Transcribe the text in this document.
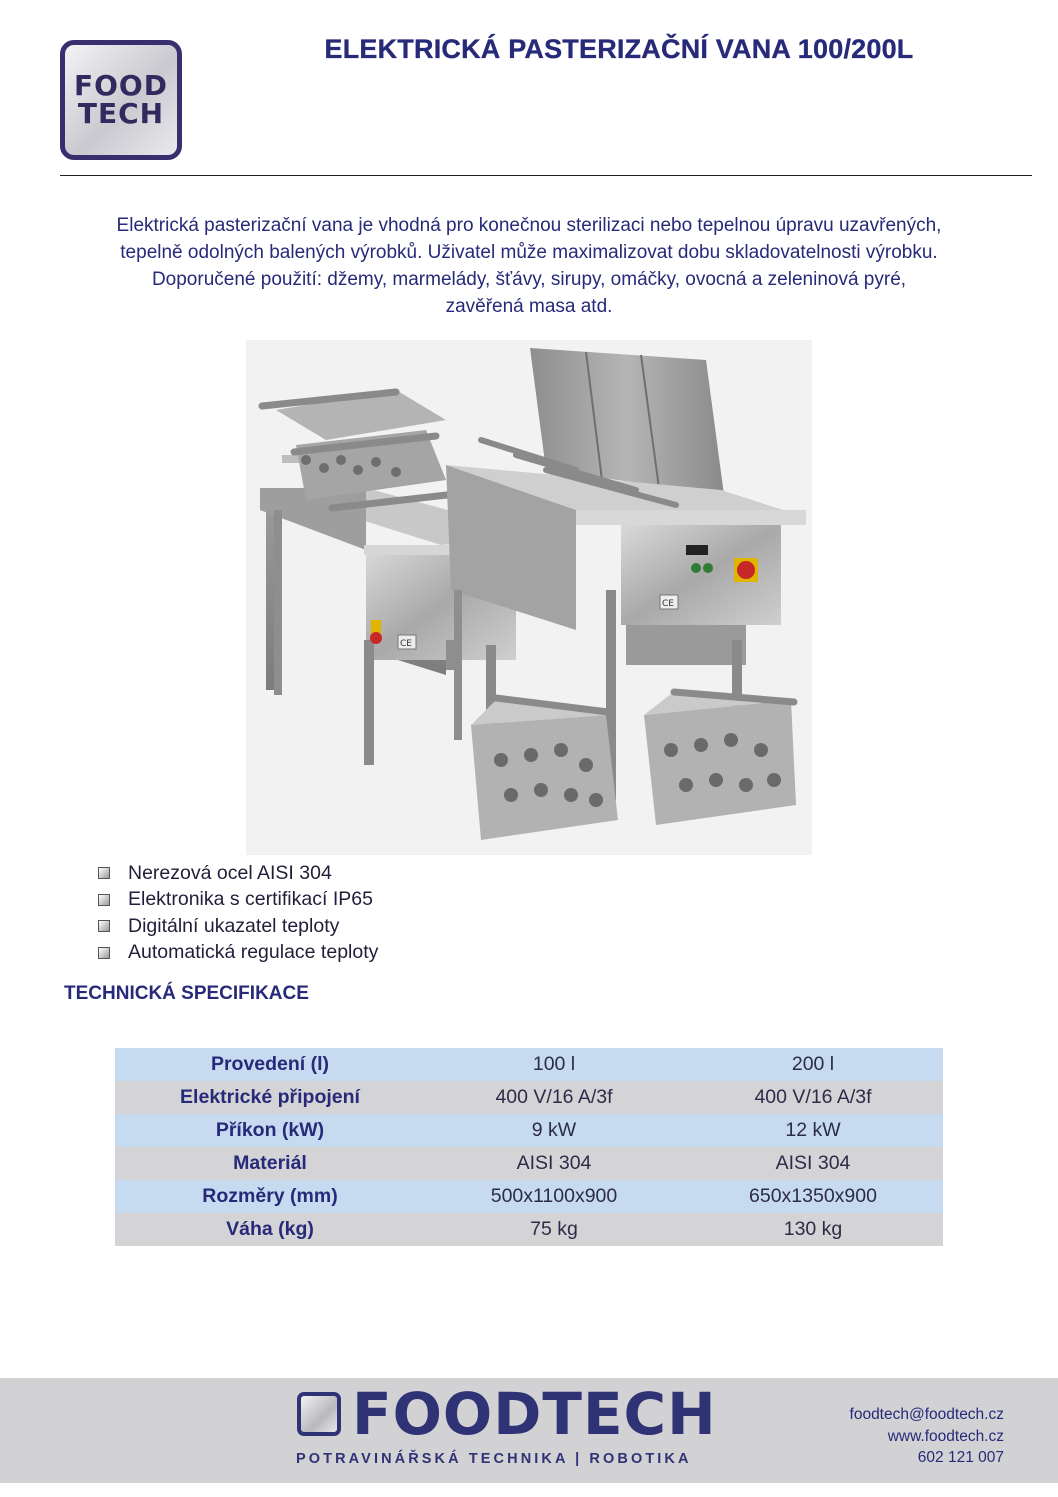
FOOD
TECH
ELEKTRICKÁ PASTERIZAČNÍ VANA 100/200L
Elektrická pasterizační vana je vhodná pro konečnou sterilizaci nebo tepelnou úpravu uzavřených,
tepelně odolných balených výrobků. Uživatel může maximalizovat dobu skladovatelnosti výrobku.
Doporučené použití: džemy, marmelády, šťávy, sirupy, omáčky, ovocná a zeleninová pyré,
zavěřená masa atd.
CE
CE
Nerezová ocel AISI 304
Elektronika s certifikací IP65
Digitální ukazatel teploty
Automatická regulace teploty
TECHNICKÁ SPECIFIKACE
Provedení (l)	100 l	200 l
Elektrické připojení	400 V/16 A/3f	400 V/16 A/3f
Příkon (kW)	9 kW	12 kW
Materiál	AISI 304	AISI 304
Rozměry (mm)	500x1100x900	650x1350x900
Váha (kg)	75 kg	130 kg
FOODTECH
POTRAVINÁŘSKÁ TECHNIKA | ROBOTIKA
foodtech@foodtech.cz
www.foodtech.cz
602 121 007
